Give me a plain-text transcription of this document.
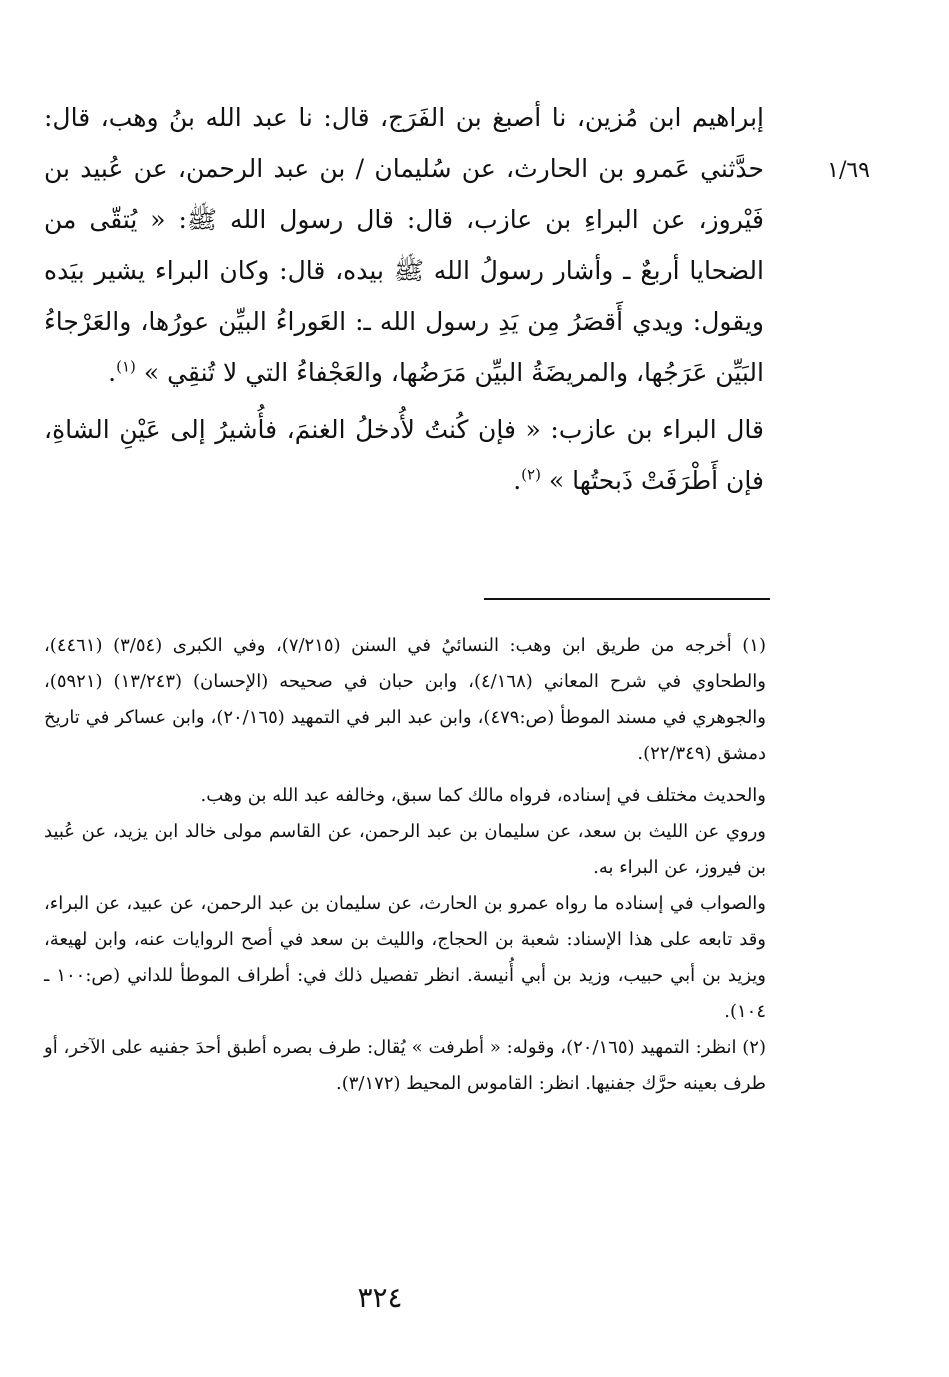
١/٦٩

إبراهيم ابن مُزين، نا أصبغ بن الفَرَج، قال: نا عبد الله بنُ وهب، قال: حدَّثني عَمرو بن الحارث، عن سُليمان / بن عبد الرحمن، عن عُبيد بن فَيْروز، عن البراءِ بن عازب، قال: قال رسول الله ﷺ: « يُتقّى من الضحايا أربعٌ ـ وأشار رسولُ الله ﷺ بيده، قال: وكان البراء يشير بيَده ويقول: ويدي أَقصَرُ مِن يَدِ رسول الله ـ: العَوراءُ البيِّن عورُها، والعَرْجاءُ البَيِّن عَرَجُها، والمريضَةُ البيِّن مَرَضُها، والعَجْفاءُ التي لا تُنقِي » $^{(١)}$.

قال البراء بن عازب: « فإن كُنتُ لأُدخلُ الغنمَ، فأُشيرُ إلى عَيْنِ الشاةِ، فإن أَطْرَفَتْ ذَبحتُها » $^{(٢)}$.

(١) أخرجه من طريق ابن وهب: النسائيُ في السنن (٧/٢١٥)، وفي الكبرى (٣/٥٤) (٤٤٦١)، والطحاوي في شرح المعاني (٤/١٦٨)، وابن حبان في صحيحه (الإحسان) (١٣/٢٤٣) (٥٩٢١)، والجوهري في مسند الموطأ (ص:٤٧٩)، وابن عبد البر في التمهيد (٢٠/١٦٥)، وابن عساكر في تاريخ دمشق (٢٢/٣٤٩).

والحديث مختلف في إسناده، فرواه مالك كما سبق، وخالفه عبد الله بن وهب.

وروي عن الليث بن سعد، عن سليمان بن عبد الرحمن، عن القاسم مولى خالد ابن يزيد، عن عُبيد بن فيروز، عن البراء به.

والصواب في إسناده ما رواه عمرو بن الحارث، عن سليمان بن عبد الرحمن، عن عبيد، عن البراء، وقد تابعه على هذا الإسناد: شعبة بن الحجاج، والليث بن سعد في أصح الروايات عنه، وابن لهيعة، ويزيد بن أبي حبيب، وزيد بن أبي أُنيسة. انظر تفصيل ذلك في: أطراف الموطأ للداني (ص:١٠٠ ـ ١٠٤).

(٢) انظر: التمهيد (٢٠/١٦٥)، وقوله: « أطرفت » يُقال: طرف بصره أطبق أحدَ جفنيه على الآخر، أو طرف بعينه حرَّك جفنيها. انظر: القاموس المحيط (٣/١٧٢).

٣٢٤
